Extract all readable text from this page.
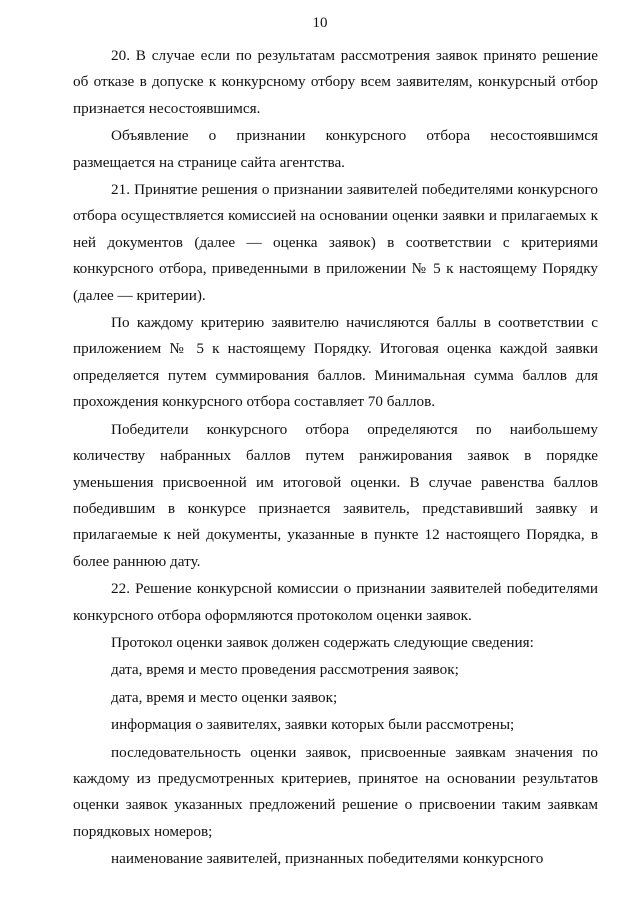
10

20. В случае если по результатам рассмотрения заявок принято решение об отказе в допуске к конкурсному отбору всем заявителям, конкурсный отбор признается несостоявшимся.

Объявление о признании конкурсного отбора несостоявшимся размещается на странице сайта агентства.

21. Принятие решения о признании заявителей победителями конкурсного отбора осуществляется комиссией на основании оценки заявки и прилагаемых к ней документов (далее — оценка заявок) в соответствии с критериями конкурсного отбора, приведенными в приложении № 5 к настоящему Порядку (далее — критерии).

По каждому критерию заявителю начисляются баллы в соответствии с приложением № 5 к настоящему Порядку. Итоговая оценка каждой заявки определяется путем суммирования баллов. Минимальная сумма баллов для прохождения конкурсного отбора составляет 70 баллов.

Победители конкурсного отбора определяются по наибольшему количеству набранных баллов путем ранжирования заявок в порядке уменьшения присвоенной им итоговой оценки. В случае равенства баллов победившим в конкурсе признается заявитель, представивший заявку и прилагаемые к ней документы, указанные в пункте 12 настоящего Порядка, в более раннюю дату.

22. Решение конкурсной комиссии о признании заявителей победителями конкурсного отбора оформляются протоколом оценки заявок.

Протокол оценки заявок должен содержать следующие сведения:

дата, время и место проведения рассмотрения заявок;

дата, время и место оценки заявок;

информация о заявителях, заявки которых были рассмотрены;

последовательность оценки заявок, присвоенные заявкам значения по каждому из предусмотренных критериев, принятое на основании результатов оценки заявок указанных предложений решение о присвоении таким заявкам порядковых номеров;

наименование заявителей, признанных победителями конкурсного
